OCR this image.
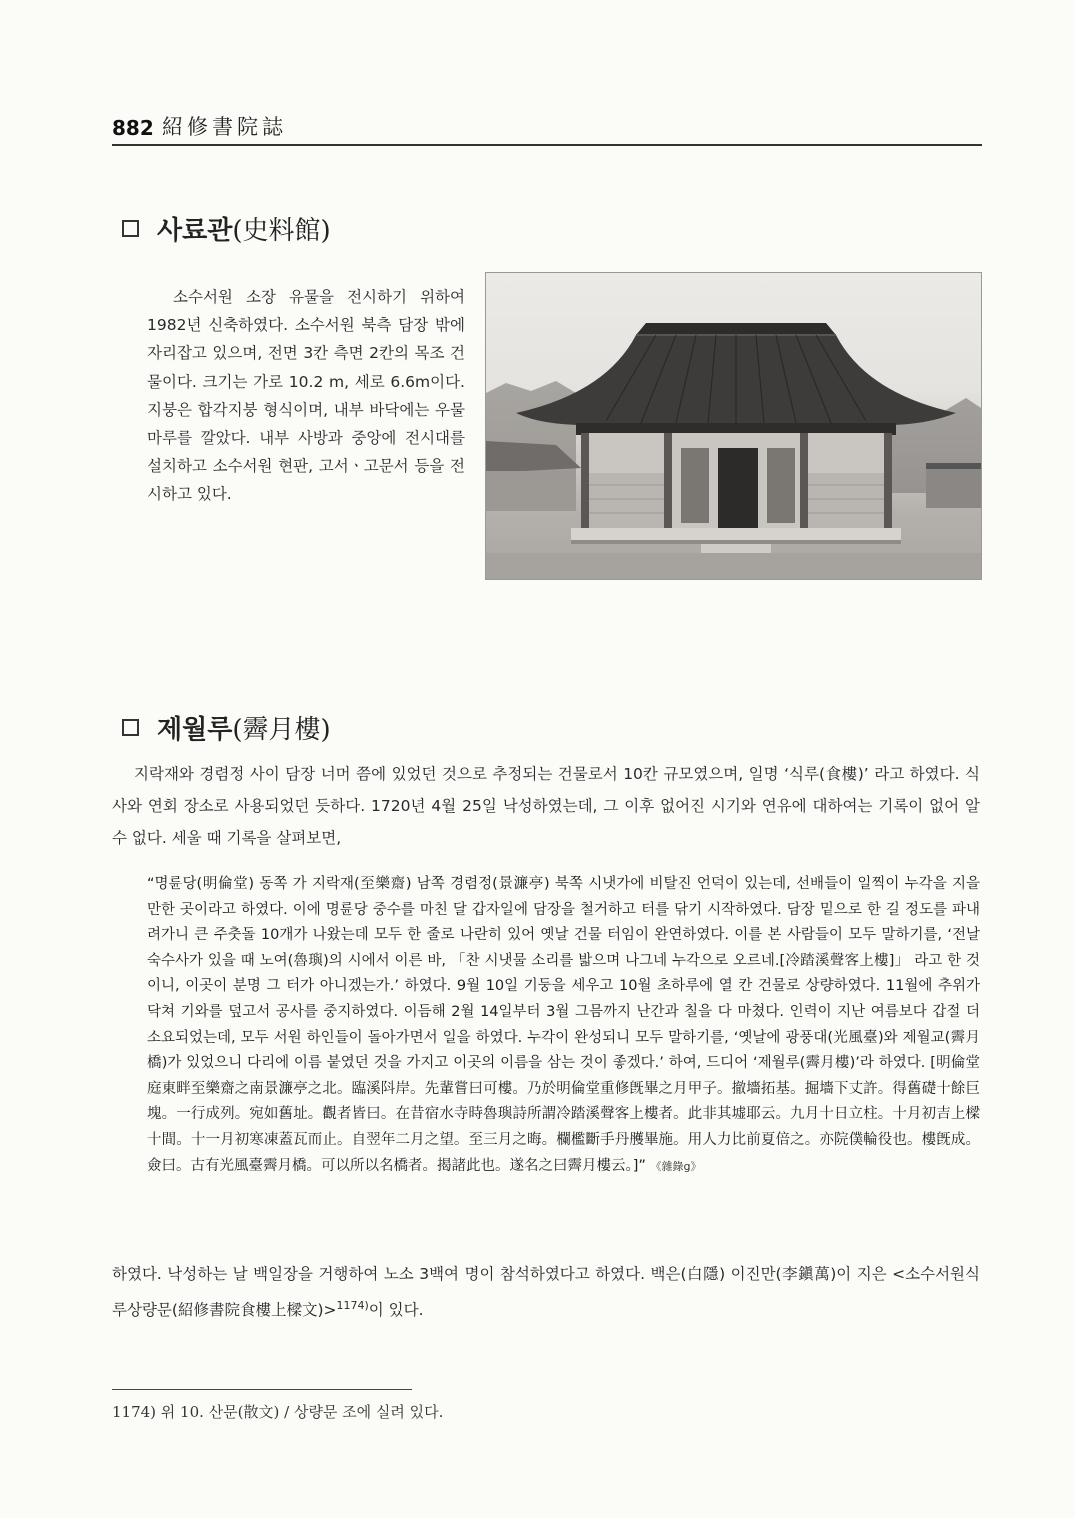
882 紹修書院誌
사료관 (史料館)

소수서원 소장 유물을 전시하기 위하여 1982년 신축하였다. 소수서원 북측 담장 밖에 자리잡고 있으며, 전면 3칸 측면 2칸의 목조 건물이다. 크기는 가로 10.2 m, 세로 6.6m이다. 지붕은 합각지붕 형식이며, 내부 바닥에는 우물마루를 깔았다. 내부 사방과 중앙에 전시대를 설치하고 소수서원 현판, 고서ㆍ고문서 등을 전시하고 있다.

제월루 (霽月樓)

지락재와 경렴정 사이 담장 너머 쯤에 있었던 것으로 추정되는 건물로서 10칸 규모였으며, 일명 ‘식루(食樓)’ 라고 하였다. 식사와 연회 장소로 사용되었던 듯하다. 1720년 4월 25일 낙성하였는데, 그 이후 없어진 시기와 연유에 대하여는 기록이 없어 알 수 없다. 세울 때 기록을 살펴보면,

“명륜당(明倫堂) 동쪽 가 지락재(至樂齋) 남쪽 경렴정(景濂亭) 북쪽 시냇가에 비탈진 언덕이 있는데, 선배들이 일찍이 누각을 지을 만한 곳이라고 하였다. 이에 명륜당 중수를 마친 달 갑자일에 담장을 철거하고 터를 닦기 시작하였다. 담장 밑으로 한 길 정도를 파내려가니 큰 주춧돌 10개가 나왔는데 모두 한 줄로 나란히 있어 옛날 건물 터임이 완연하였다. 이를 본 사람들이 모두 말하기를, ‘전날 숙수사가 있을 때 노여(魯璵)의 시에서 이른 바, 「찬 시냇물 소리를 밟으며 나그네 누각으로 오르네.[冷踏溪聲客上樓]」 라고 한 것이니, 이곳이 분명 그 터가 아니겠는가.’ 하였다. 9월 10일 기둥을 세우고 10월 초하루에 열 칸 건물로 상량하였다. 11월에 추위가 닥쳐 기와를 덮고서 공사를 중지하였다. 이듬해 2월 14일부터 3월 그믐까지 난간과 칠을 다 마쳤다. 인력이 지난 여름보다 갑절 더 소요되었는데, 모두 서원 하인들이 돌아가면서 일을 하였다. 누각이 완성되니 모두 말하기를, ‘옛날에 광풍대(光風臺)와 제월교(霽月橋)가 있었으니 다리에 이름 붙였던 것을 가지고 이곳의 이름을 삼는 것이 좋겠다.’ 하여, 드디어 ‘제월루(霽月樓)’라 하였다. [明倫堂庭東畔至樂齋之南景濂亭之北。臨溪阧岸。先輩嘗曰可樓。乃於明倫堂重修旣畢之月甲子。撤墻拓基。掘墻下丈許。得舊礎十餘巨塊。一行成列。宛如舊址。觀者皆曰。在昔宿水寺時魯璵詩所謂冷踏溪聲客上樓者。此非其墟耶云。九月十日立柱。十月初吉上樑十間。十一月初寒凍蓋瓦而止。自翌年二月之望。至三月之晦。欄檻斷手丹雘畢施。用人力比前夏倍之。亦院僕輪役也。樓旣成。僉曰。古有光風臺霽月橋。可以所以名橋者。揭諸此也。遂名之曰霽月樓云。]” 《雜錄g》

하였다. 낙성하는 날 백일장을 거행하여 노소 3백여 명이 참석하였다고 하였다. 백은(白隱) 이진만(李鎭萬)이 지은 <소수서원식루상량문(紹修書院食樓上樑文)>$^{1174)}$이 있다.

1174) 위 10. 산문(散文) / 상량문 조에 실려 있다.
